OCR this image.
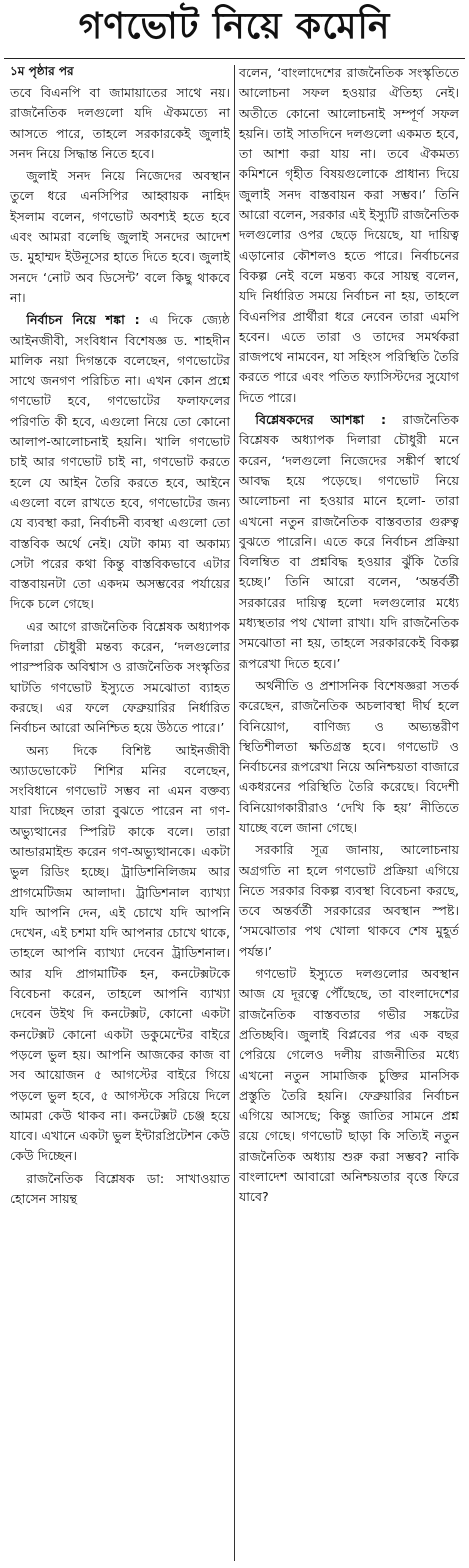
গণভোট নিয়ে কমেনি
১ম পৃষ্ঠার পর

তবে বিএনপি বা জামায়াতের সাথে নয়। রাজনৈতিক দলগুলো যদি ঐকমত্যে না আসতে পারে, তাহলে সরকারকেই জুলাই সনদ নিয়ে সিদ্ধান্ত নিতে হবে।

জুলাই সনদ নিয়ে নিজেদের অবস্থান তুলে ধরে এনসিপির আহ্বায়ক নাহিদ ইসলাম বলেন, গণভোট অবশ্যই হতে হবে এবং আমরা বলেছি জুলাই সনদের আদেশ ড. মুহাম্মদ ইউনূসের হাতে দিতে হবে। জুলাই সনদে ‘নোট অব ডিসেন্ট’ বলে কিছু থাকবে না।

নির্বাচন নিয়ে শঙ্কা : এ দিকে জ্যেষ্ঠ আইনজীবী, সংবিধান বিশেষজ্ঞ ড. শাহদীন মালিক নয়া দিগন্তকে বলেছেন, গণভোটের সাথে জনগণ পরিচিত না। এখন কোন প্রশ্নে গণভোট হবে, গণভোটের ফলাফলের পরিণতি কী হবে, এগুলো নিয়ে তো কোনো আলাপ-আলোচনাই হয়নি। খালি গণভোট চাই আর গণভোট চাই না, গণভোট করতে হলে যে আইন তৈরি করতে হবে, আইনে এগুলো বলে রাখতে হবে, গণভোটের জন্য যে ব্যবস্থা করা, নির্বাচনী ব্যবস্থা এগুলো তো বাস্তবিক অর্থে নেই। যেটা কাম্য বা অকাম্য সেটা পরের কথা কিন্তু বাস্তবিকভাবে এটার বাস্তবায়নটা তো একদম অসম্ভবের পর্যায়ের দিকে চলে গেছে।

এর আগে রাজনৈতিক বিশ্লেষক অধ্যাপক দিলারা চৌধুরী মন্তব্য করেন, ‘দলগুলোর পারস্পরিক অবিশ্বাস ও রাজনৈতিক সংস্কৃতির ঘাটতি গণভোট ইস্যুতে সমঝোতা ব্যাহত করছে। এর ফলে ফেব্রুয়ারির নির্ধারিত নির্বাচন আরো অনিশ্চিত হয়ে উঠতে পারে।’

অন্য দিকে বিশিষ্ট আইনজীবী অ্যাডভোকেট শিশির মনির বলেছেন, সংবিধানে গণভোট সম্ভব না এমন বক্তব্য যারা দিচ্ছেন তারা বুঝতে পারেন না গণ-অভ্যুত্থানের স্পিরিট কাকে বলে। তারা আন্ডারমাইন্ড করেন গণ-অভ্যুত্থানকে। একটা ভুল রিডিং হচ্ছে। ট্রাডিশনিলিজম আর প্রাগমেটিজম আলাদা। ট্রাডিশনাল ব্যাখ্যা যদি আপনি দেন, এই চোখে যদি আপনি দেখেন, এই চশমা যদি আপনার চোখে থাকে, তাহলে আপনি ব্যাখ্যা দেবেন ট্রাডিশনাল। আর যদি প্রাগমাটিক হন, কনটেক্সটকে বিবেচনা করেন, তাহলে আপনি ব্যাখ্যা দেবেন উইথ দি কনটেক্সট, কোনো একটা কনটেক্সট কোনো একটা ডকুমেন্টের বাইরে পড়লে ভুল হয়। আপনি আজকের কাজ বা সব আয়োজন ৫ আগস্টের বাইরে গিয়ে পড়লে ভুল হবে, ৫ আগস্টকে সরিয়ে দিলে আমরা কেউ থাকব না। কনটেক্সট চেঞ্জ হয়ে যাবে। এখানে একটা ভুল ইন্টারপ্রিটেশন কেউ কেউ দিচ্ছেন।

রাজনৈতিক বিশ্লেষক ডা: সাখাওয়াত হোসেন সায়ন্থ

বলেন, ‘বাংলাদেশের রাজনৈতিক সংস্কৃতিতে আলোচনা সফল হওয়ার ঐতিহ্য নেই। অতীতে কোনো আলোচনাই সম্পূর্ণ সফল হয়নি। তাই সাতদিনে দলগুলো একমত হবে, তা আশা করা যায় না। তবে ঐকমত্য কমিশনে গৃহীত বিষয়গুলোকে প্রাধান্য দিয়ে জুলাই সনদ বাস্তবায়ন করা সম্ভব।’ তিনি আরো বলেন, সরকার এই ইস্যুটি রাজনৈতিক দলগুলোর ওপর ছেড়ে দিয়েছে, যা দায়িত্ব এড়ানোর কৌশলও হতে পারে। নির্বাচনের বিকল্প নেই বলে মন্তব্য করে সায়ন্থ বলেন, যদি নির্ধারিত সময়ে নির্বাচন না হয়, তাহলে বিএনপির প্রার্থীরা ধরে নেবেন তারা এমপি হবেন। এতে তারা ও তাদের সমর্থকরা রাজপথে নামবেন, যা সহিংস পরিস্থিতি তৈরি করতে পারে এবং পতিত ফ্যাসিস্টদের সুযোগ দিতে পারে।

বিশ্লেষকদের আশঙ্কা : রাজনৈতিক বিশ্লেষক অধ্যাপক দিলারা চৌধুরী মনে করেন, ‘দলগুলো নিজেদের সঙ্কীর্ণ স্বার্থে আবদ্ধ হয়ে পড়েছে। গণভোট নিয়ে আলোচনা না হওয়ার মানে হলো- তারা এখনো নতুন রাজনৈতিক বাস্তবতার গুরুত্ব বুঝতে পারেনি। এতে করে নির্বাচন প্রক্রিয়া বিলম্বিত বা প্রশ্নবিদ্ধ হওয়ার ঝুঁকি তৈরি হচ্ছে।’ তিনি আরো বলেন, ‘অন্তর্বর্তী সরকারের দায়িত্ব হলো দলগুলোর মধ্যে মধ্যস্থতার পথ খোলা রাখা। যদি রাজনৈতিক সমঝোতা না হয়, তাহলে সরকারকেই বিকল্প রূপরেখা দিতে হবে।’

অর্থনীতি ও প্রশাসনিক বিশেষজ্ঞরা সতর্ক করেছেন, রাজনৈতিক অচলাবস্থা দীর্ঘ হলে বিনিয়োগ, বাণিজ্য ও অভ্যন্তরীণ স্থিতিশীলতা ক্ষতিগ্রস্ত হবে। গণভোট ও নির্বাচনের রূপরেখা নিয়ে অনিশ্চয়তা বাজারে একধরনের পরিস্থিতি তৈরি করেছে। বিদেশী বিনিয়োগকারীরাও ‘দেখি কি হয়’ নীতিতে যাচ্ছে বলে জানা গেছে।

সরকারি সূত্র জানায়, আলোচনায় অগ্রগতি না হলে গণভোট প্রক্রিয়া এগিয়ে নিতে সরকার বিকল্প ব্যবস্থা বিবেচনা করছে, তবে অন্তর্বর্তী সরকারের অবস্থান স্পষ্ট। ‘সমঝোতার পথ খোলা থাকবে শেষ মুহূর্ত পর্যন্ত।’

গণভোট ইস্যুতে দলগুলোর অবস্থান আজ যে দূরত্বে পৌঁছেছে, তা বাংলাদেশের রাজনৈতিক বাস্তবতার গভীর সঙ্কটের প্রতিচ্ছবি। জুলাই বিপ্লবের পর এক বছর পেরিয়ে গেলেও দলীয় রাজনীতির মধ্যে এখনো নতুন সামাজিক চুক্তির মানসিক প্রস্তুতি তৈরি হয়নি। ফেব্রুয়ারির নির্বাচন এগিয়ে আসছে; কিন্তু জাতির সামনে প্রশ্ন রয়ে গেছে। গণভোট ছাড়া কি সত্যিই নতুন রাজনৈতিক অধ্যায় শুরু করা সম্ভব? নাকি বাংলাদেশ আবারো অনিশ্চয়তার বৃত্তে ফিরে যাবে?
